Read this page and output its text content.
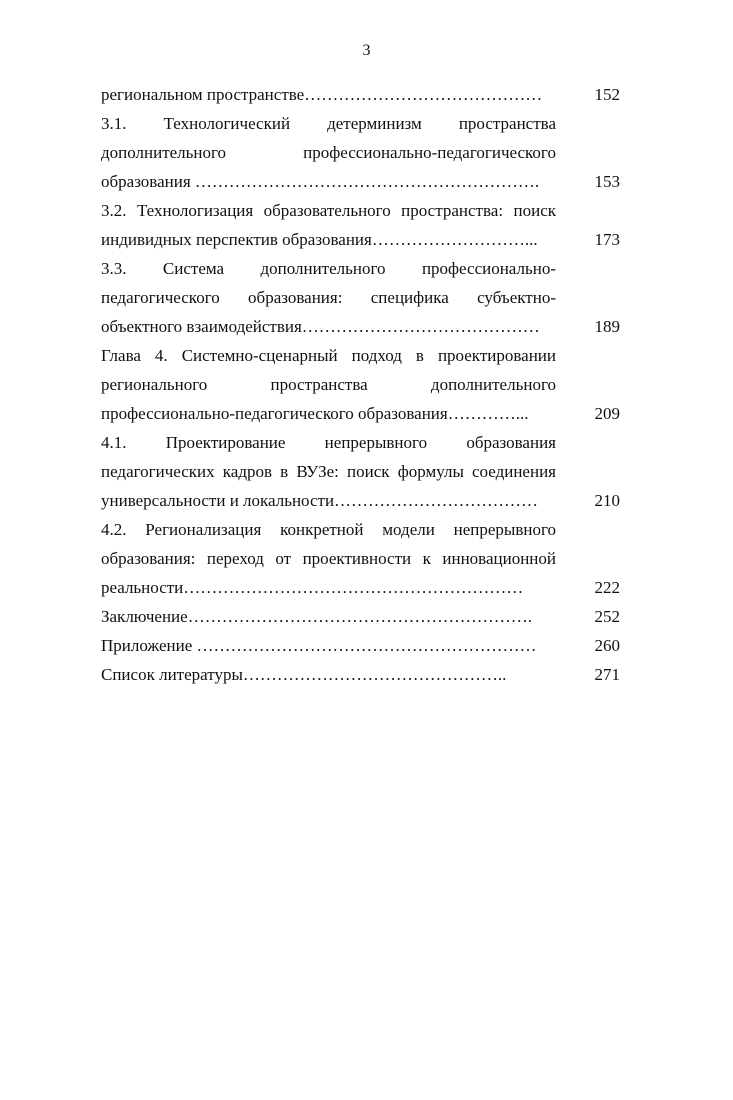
3
региональном пространстве……………………………………	152
3.1. Технологический детерминизм пространства
дополнительного профессионально-педагогического
образования …………………………………………………….	153
3.2. Технологизация образовательного пространства: поиск
индивидных перспектив образования………………………...	173
3.3. Система дополнительного профессионально-
педагогического образования: специфика субъектно-
объектного взаимодействия……………………………………	189
Глава 4. Системно-сценарный подход в проектировании
регионального пространства дополнительного
профессионально-педагогического образования…………...	209
4.1. Проектирование непрерывного образования
педагогических кадров в ВУЗе: поиск формулы соединения
универсальности и локальности………………………………	210
4.2. Регионализация конкретной модели непрерывного
образования: переход от проективности к инновационной
реальности……………………………………………………	222
Заключение…………………………………………………….	252
Приложение ……………………………………………………	260
Список литературы………………………………………..	271
